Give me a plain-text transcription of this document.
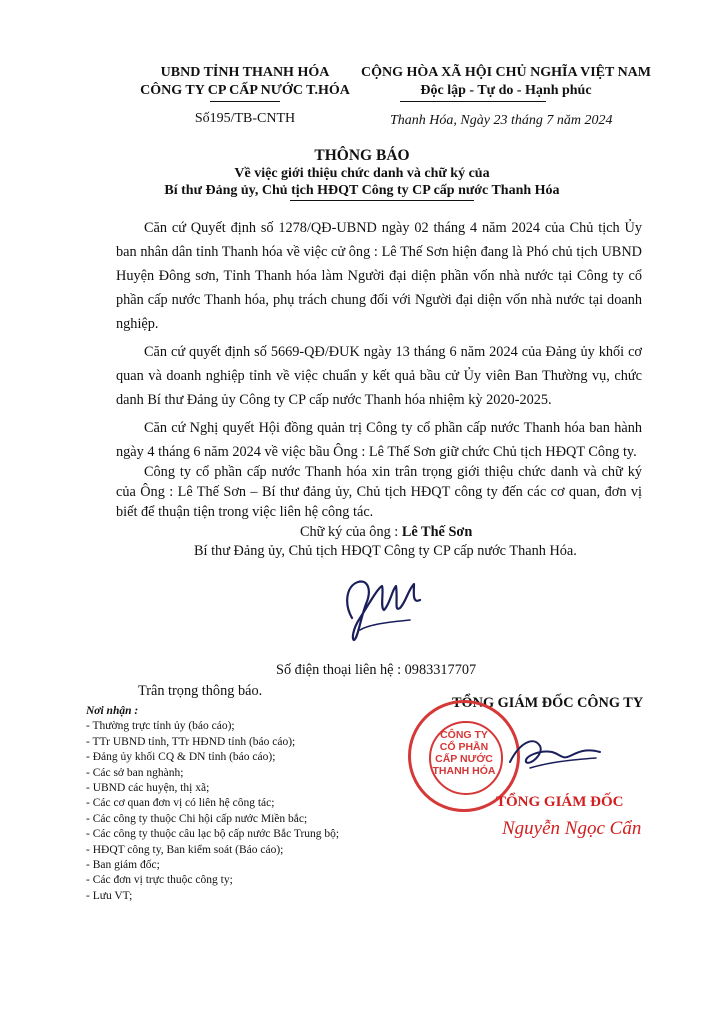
UBND TỈNH THANH HÓA
CÔNG TY CP CẤP NƯỚC T.HÓA
Số195/TB-CNTH
CỘNG HÒA XÃ HỘI CHỦ NGHĨA VIỆT NAM
Độc lập - Tự do - Hạnh phúc
Thanh Hóa, Ngày 23 tháng 7 năm 2024
THÔNG BÁO
Về việc giới thiệu chức danh và chữ ký của
Bí thư Đảng ủy, Chủ tịch HĐQT Công ty CP cấp nước Thanh Hóa
Căn cứ Quyết định số 1278/QĐ-UBND ngày 02 tháng 4 năm 2024 của Chủ tịch Ủy ban nhân dân tỉnh Thanh hóa về việc cử ông : Lê Thế Sơn hiện đang là Phó chủ tịch UBND Huyện Đông sơn, Tỉnh Thanh hóa làm Người đại diện phần vốn nhà nước tại Công ty cổ phần cấp nước Thanh hóa, phụ trách chung đối với Người đại diện vốn nhà nước tại doanh nghiệp.
Căn cứ quyết định số 5669-QĐ/ĐUK ngày 13 tháng 6 năm 2024 của Đảng ủy khối cơ quan và doanh nghiệp tỉnh về việc chuẩn y kết quả bầu cử Ủy viên Ban Thường vụ, chức danh Bí thư Đảng ủy Công ty CP cấp nước Thanh hóa nhiệm kỳ 2020-2025.
Căn cứ Nghị quyết Hội đồng quản trị Công ty cổ phần cấp nước Thanh hóa ban hành ngày 4 tháng 6 năm 2024 về việc bầu Ông : Lê Thế Sơn giữ chức Chủ tịch HĐQT Công ty.
Công ty cổ phần cấp nước Thanh hóa xin trân trọng giới thiệu chức danh và chữ ký của Ông : Lê Thế Sơn – Bí thư đảng ủy, Chủ tịch HĐQT công ty đến các cơ quan, đơn vị biết để thuận tiện trong việc liên hệ công tác.
Chữ ký của ông : Lê Thế Sơn
Bí thư Đảng ủy, Chủ tịch HĐQT Công ty CP cấp nước Thanh Hóa.
Số điện thoại liên hệ : 0983317707
Trân trọng thông báo.
Nơi nhận :
- Thường trực tỉnh ủy (báo cáo);
- TTr UBND tỉnh, TTr HĐND tỉnh (báo cáo);
- Đảng ủy khối CQ & DN tỉnh (báo cáo);
- Các sở ban nghành;
- UBND các huyện, thị xã;
- Các cơ quan đơn vị có liên hệ công tác;
- Các công ty thuộc Chi hội cấp nước Miền bắc;
- Các công ty thuộc câu lạc bộ cấp nước Bắc Trung bộ;
- HĐQT công ty, Ban kiểm soát (Báo cáo);
- Ban giám đốc;
- Các đơn vị trực thuộc công ty;
- Lưu VT;
TỔNG GIÁM ĐỐC CÔNG TY
CÔNG TY
CỔ PHẦN
CẤP NƯỚC
THANH HÓA
TỔNG GIÁM ĐỐC
Nguyễn Ngọc Cẩn
